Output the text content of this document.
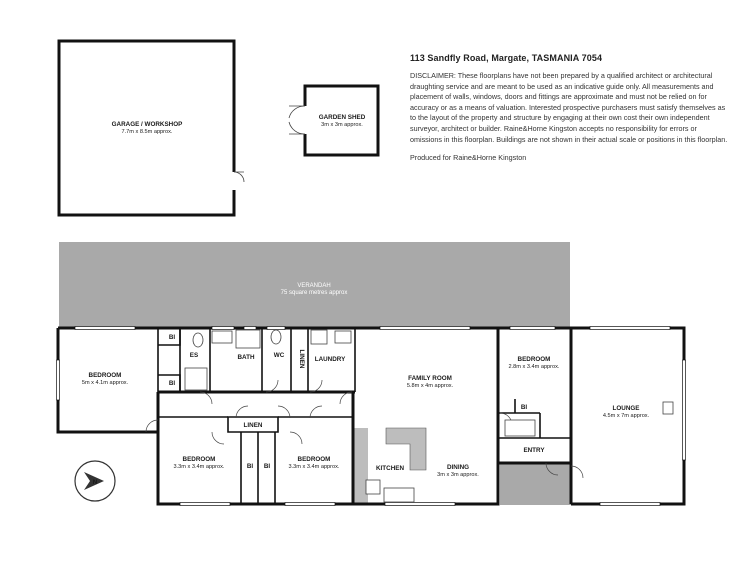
GARAGE / WORKSHOP
7.7m x 8.5m approx.
GARDEN SHED
3m x 3m approx.
VERANDAH
75 square metres approx
BEDROOM
5m x 4.1m approx.
BI
BI
ES	BATH	WC LINEN LAUNDRY
FAMILY ROOM
5.8m x 4m approx.
BEDROOM
2.8m x 3.4m approx.
BI
ENTRY
LOUNGE
4.5m x 7m approx.
LINEN
BEDROOM
3.3m x 3.4m approx.	BI BI
BEDROOM
3.3m x 3.4m approx.	KITCHEN	DINING
3m x 3m approx.
N

113 Sandfly Road, Margate, TASMANIA 7054

DISCLAIMER: These floorplans have not been prepared by a qualified architect or architectural draughting service and are meant to be used as an indicative guide only. All measurements and placement of walls, windows, doors and fittings are approximate and must not be relied on for accuracy or as a means of valuation. Interested prospective purchasers must satisfy themselves as to the layout of the property and structure by engaging at their own cost their own independent surveyor, architect or builder. Raine&Horne Kingston accepts no responsibility for errors or omissions in this floorplan. Buildings are not shown in their actual scale or positions in this floorplan.

Produced for Raine&Horne Kingston
